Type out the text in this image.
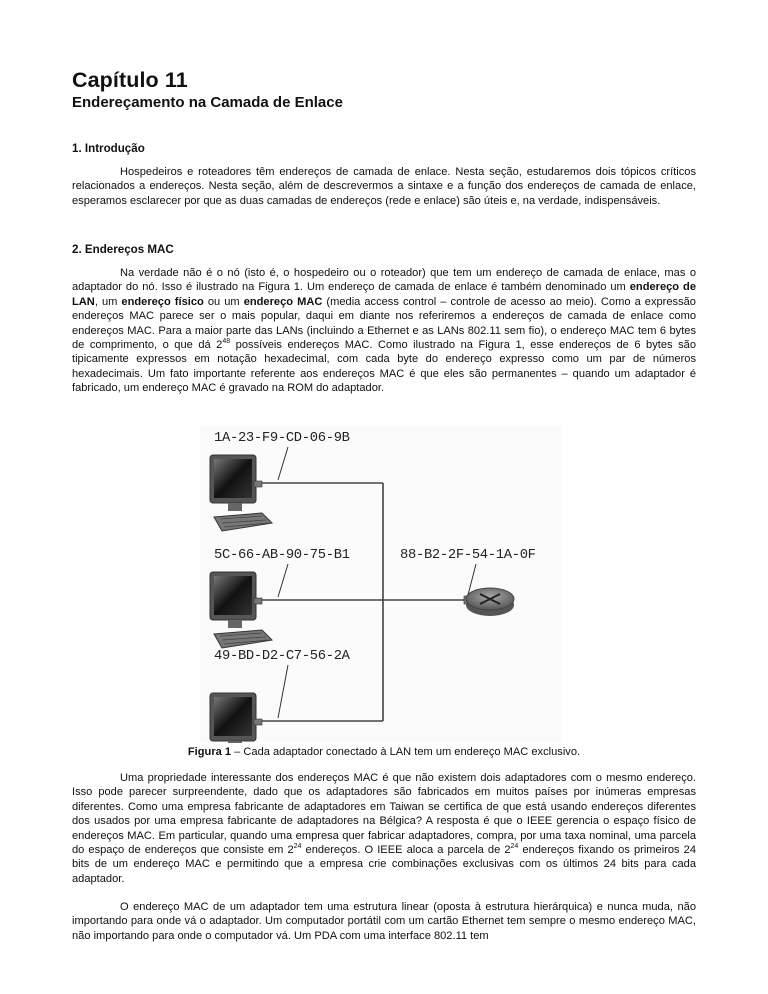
Capítulo 11
Endereçamento na Camada de Enlace
1. Introdução

Hospedeiros e roteadores têm endereços de camada de enlace. Nesta seção, estudaremos dois tópicos críticos relacionados a endereços. Nesta seção, além de descrevermos a sintaxe e a função dos endereços de camada de enlace, esperamos esclarecer por que as duas camadas de endereços (rede e enlace) são úteis e, na verdade, indispensáveis.

2. Endereços MAC

Na verdade não é o nó (isto é, o hospedeiro ou o roteador) que tem um endereço de camada de enlace, mas o adaptador do nó. Isso é ilustrado na Figura 1. Um endereço de camada de enlace é também denominado um endereço de LAN, um endereço físico ou um endereço MAC (media access control – controle de acesso ao meio). Como a expressão endereços MAC parece ser o mais popular, daqui em diante nos referiremos a endereços de camada de enlace como endereços MAC. Para a maior parte das LANs (incluindo a Ethernet e as LANs 802.11 sem fio), o endereço MAC tem 6 bytes de comprimento, o que dá $2^{48}$ possíveis endereços MAC. Como ilustrado na Figura 1, esse endereços de 6 bytes são tipicamente expressos em notação hexadecimal, com cada byte do endereço expresso como um par de números hexadecimais. Um fato importante referente aos endereços MAC é que eles são permanentes – quando um adaptador é fabricado, um endereço MAC é gravado na ROM do adaptador.

Figura 1 – Cada adaptador conectado à LAN tem um endereço MAC exclusivo.

Uma propriedade interessante dos endereços MAC é que não existem dois adaptadores com o mesmo endereço. Isso pode parecer surpreendente, dado que os adaptadores são fabricados em muitos países por inúmeras empresas diferentes. Como uma empresa fabricante de adaptadores em Taiwan se certifica de que está usando endereços diferentes dos usados por uma empresa fabricante de adaptadores na Bélgica? A resposta é que o IEEE gerencia o espaço físico de endereços MAC. Em particular, quando uma empresa quer fabricar adaptadores, compra, por uma taxa nominal, uma parcela do espaço de endereços que consiste em $2^{24}$ endereços. O IEEE aloca a parcela de $2^{24}$ endereços fixando os primeiros 24 bits de um endereço MAC e permitindo que a empresa crie combinações exclusivas com os últimos 24 bits para cada adaptador.

O endereço MAC de um adaptador tem uma estrutura linear (oposta à estrutura hierárquica) e nunca muda, não importando para onde vá o adaptador. Um computador portátil com um cartão Ethernet tem sempre o mesmo endereço MAC, não importando para onde o computador vá. Um PDA com uma interface 802.11 tem

1A-23-F9-CD-06-9B
5C-66-AB-90-75-B1
49-BD-D2-C7-56-2A
88-B2-2F-54-1A-0F
